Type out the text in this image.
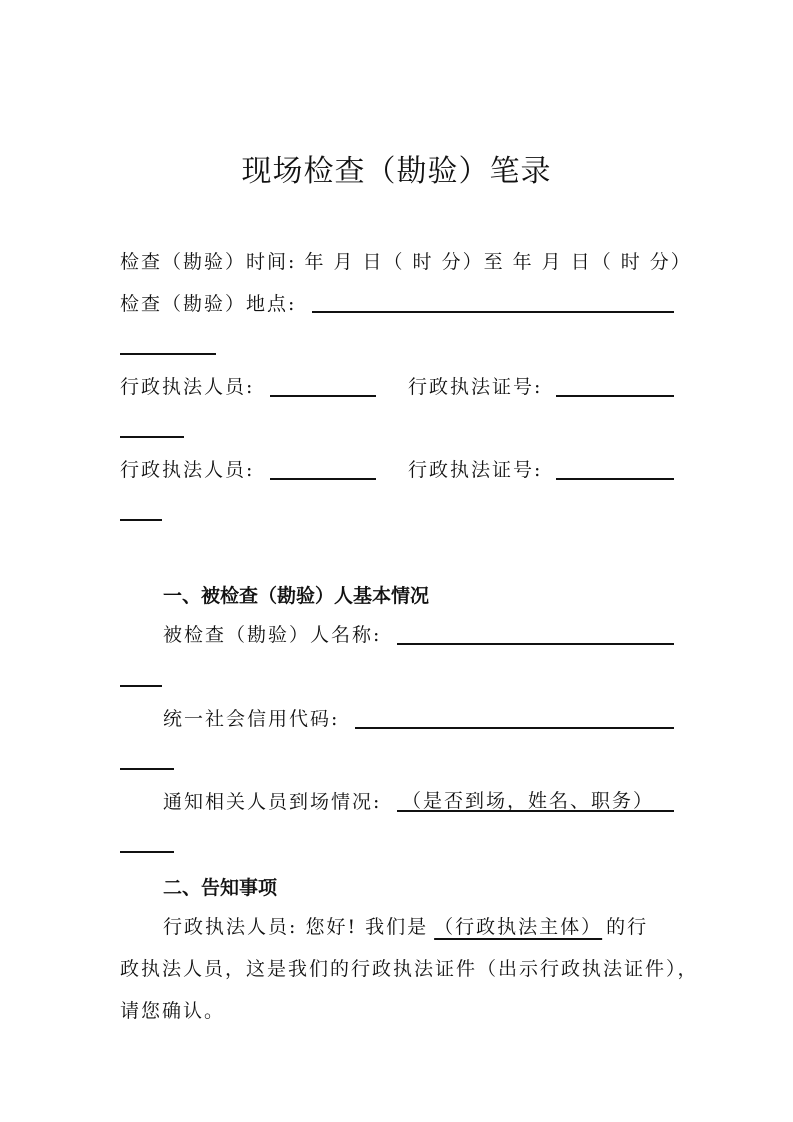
现场检查（勘验）笔录
检查（勘验）时间: 年 月 日（ 时 分）至 年 月 日（ 时 分）
检查（勘验）地点:
行政执法人员:	行政执法证号:
行政执法人员:	行政执法证号:
一、被检查（勘验）人基本情况
被检查（勘验）人名称:
统一社会信用代码:
通知相关人员到场情况: （是否到场，姓名、职务）
二、告知事项
行政执法人员: 您好! 我们是 （行政执法主体） 的行
政执法人员，这是我们的行政执法证件（出示行政执法证件），
请您确认。
